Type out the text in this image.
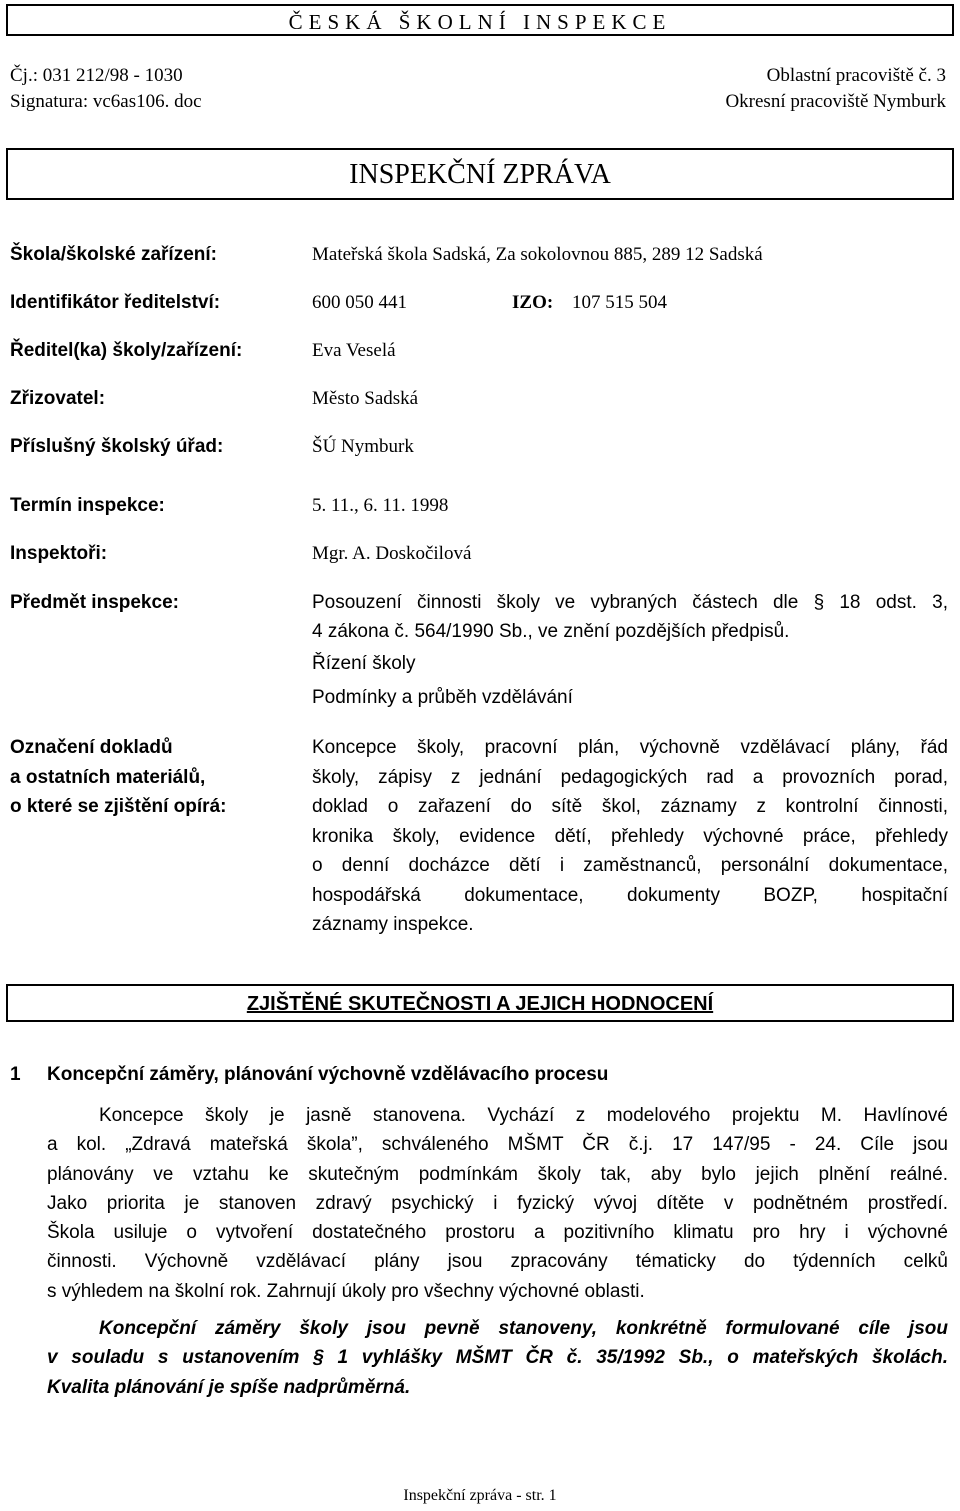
ČESKÁ ŠKOLNÍ INSPEKCE
Čj.: 031 212/98 - 1030
Signatura: vc6as106. doc
Oblastní pracoviště č. 3
Okresní pracoviště Nymburk
INSPEKČNÍ ZPRÁVA
Škola/školské zařízení:	Mateřská škola Sadská, Za sokolovnou 885, 289 12 Sadská
Identifikátor ředitelství:	600 050 441	IZO: 107 515 504
Ředitel(ka) školy/zařízení:	Eva Veselá
Zřizovatel:	Město Sadská
Příslušný školský úřad:	ŠÚ Nymburk
Termín inspekce:	5. 11., 6. 11. 1998
Inspektoři:	Mgr. A. Doskočilová
Předmět inspekce:	Posouzení činnosti školy ve vybraných částech dle § 18 odst. 3,
4 zákona č. 564/1990 Sb., ve znění pozdějších předpisů.
Řízení školy
Podmínky a průběh vzdělávání
Označení dokladů
a ostatních materiálů,
o které se zjištění opírá:
Koncepce školy, pracovní plán, výchovně vzdělávací plány, řád
školy, zápisy z jednání pedagogických rad a provozních porad,
doklad o zařazení do sítě škol, záznamy z kontrolní činnosti,
kronika školy, evidence dětí, přehledy výchovné práce, přehledy
o denní docházce dětí i zaměstnanců, personální dokumentace,
hospodářská dokumentace, dokumenty BOZP, hospitační
záznamy inspekce.
ZJIŠTĚNÉ SKUTEČNOSTI A JEJICH HODNOCENÍ
1 Koncepční záměry, plánování výchovně vzdělávacího procesu
Koncepce školy je jasně stanovena. Vychází z modelového projektu M. Havlínové
a kol. „Zdravá mateřská škola”, schváleného MŠMT ČR č.j. 17 147/95 - 24. Cíle jsou
plánovány ve vztahu ke skutečným podmínkám školy tak, aby bylo jejich plnění reálné.
Jako priorita je stanoven zdravý psychický i fyzický vývoj dítěte v podnětném prostředí.
Škola usiluje o vytvoření dostatečného prostoru a pozitivního klimatu pro hry i výchovné
činnosti. Výchovně vzdělávací plány jsou zpracovány tématicky do týdenních celků
s výhledem na školní rok. Zahrnují úkoly pro všechny výchovné oblasti.
Koncepční záměry školy jsou pevně stanoveny, konkrétně formulované cíle jsou
v souladu s ustanovením § 1 vyhlášky MŠMT ČR č. 35/1992 Sb., o mateřských školách.
Kvalita plánování je spíše nadprůměrná.
Inspekční zpráva - str. 1
